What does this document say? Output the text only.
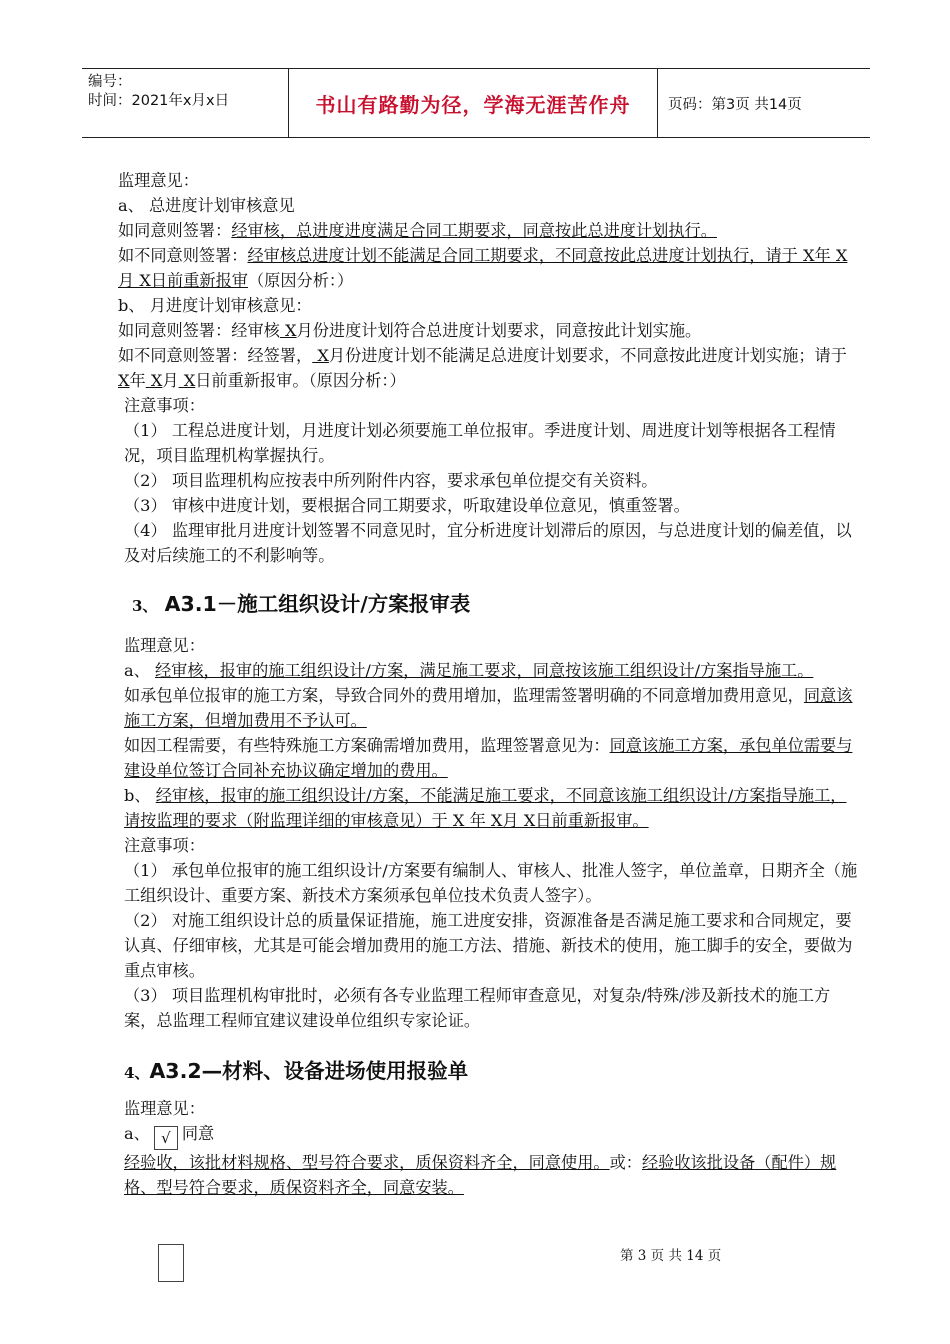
编号：
时间：2021年x月x日	书山有路勤为径，学海无涯苦作舟	页码：第3页 共14页

监理意见：

a、 总进度计划审核意见

如同意则签署：经审核，总进度进度满足合同工期要求，同意按此总进度计划执行。

如不同意则签署：经审核总进度计划不能满足合同工期要求，不同意按此总进度计划执行，请于 X年 X月 X日前重新报审（原因分析：）

b、 月进度计划审核意见：

如同意则签署：经审核 X月份进度计划符合总进度计划要求，同意按此计划实施。

如不同意则签署：经签署， X月份进度计划不能满足总进度计划要求，不同意按此进度计划实施；请于 X年 X月 X日前重新报审。（原因分析：）

注意事项：

（1） 工程总进度计划，月进度计划必须要施工单位报审。季进度计划、周进度计划等根据各工程情况，项目监理机构掌握执行。

（2） 项目监理机构应按表中所列附件内容，要求承包单位提交有关资料。

（3） 审核中进度计划，要根据合同工期要求，听取建设单位意见，慎重签署。

（4） 监理审批月进度计划签署不同意见时，宜分析进度计划滞后的原因，与总进度计划的偏差值，以及对后续施工的不利影响等。

3、 A3.1－施工组织设计/方案报审表

监理意见：

a、 经审核，报审的施工组织设计/方案，满足施工要求，同意按该施工组织设计/方案指导施工。

如承包单位报审的施工方案，导致合同外的费用增加，监理需签署明确的不同意增加费用意见，同意该施工方案，但增加费用不予认可。

如因工程需要，有些特殊施工方案确需增加费用，监理签署意见为：同意该施工方案，承包单位需要与建设单位签订合同补充协议确定增加的费用。

b、 经审核，报审的施工组织设计/方案，不能满足施工要求，不同意该施工组织设计/方案指导施工，请按监理的要求（附监理详细的审核意见）于 X 年 X月 X日前重新报审。

注意事项：

（1） 承包单位报审的施工组织设计/方案要有编制人、审核人、批准人签字，单位盖章，日期齐全（施工组织设计、重要方案、新技术方案须承包单位技术负责人签字）。

（2） 对施工组织设计总的质量保证措施，施工进度安排，资源准备是否满足施工要求和合同规定，要认真、仔细审核，尤其是可能会增加费用的施工方法、措施、新技术的使用，施工脚手的安全，要做为重点审核。

（3） 项目监理机构审批时，必须有各专业监理工程师审查意见，对复杂/特殊/涉及新技术的施工方案，总监理工程师宜建议建设单位组织专家论证。

4、A3.2—材料、设备进场使用报验单

监理意见：

a、 √ 同意

经验收，该批材料规格、型号符合要求，质保资料齐全，同意使用。或：经验收该批设备（配件）规格、型号符合要求，质保资料齐全，同意安装。

第 3 页 共 14 页
